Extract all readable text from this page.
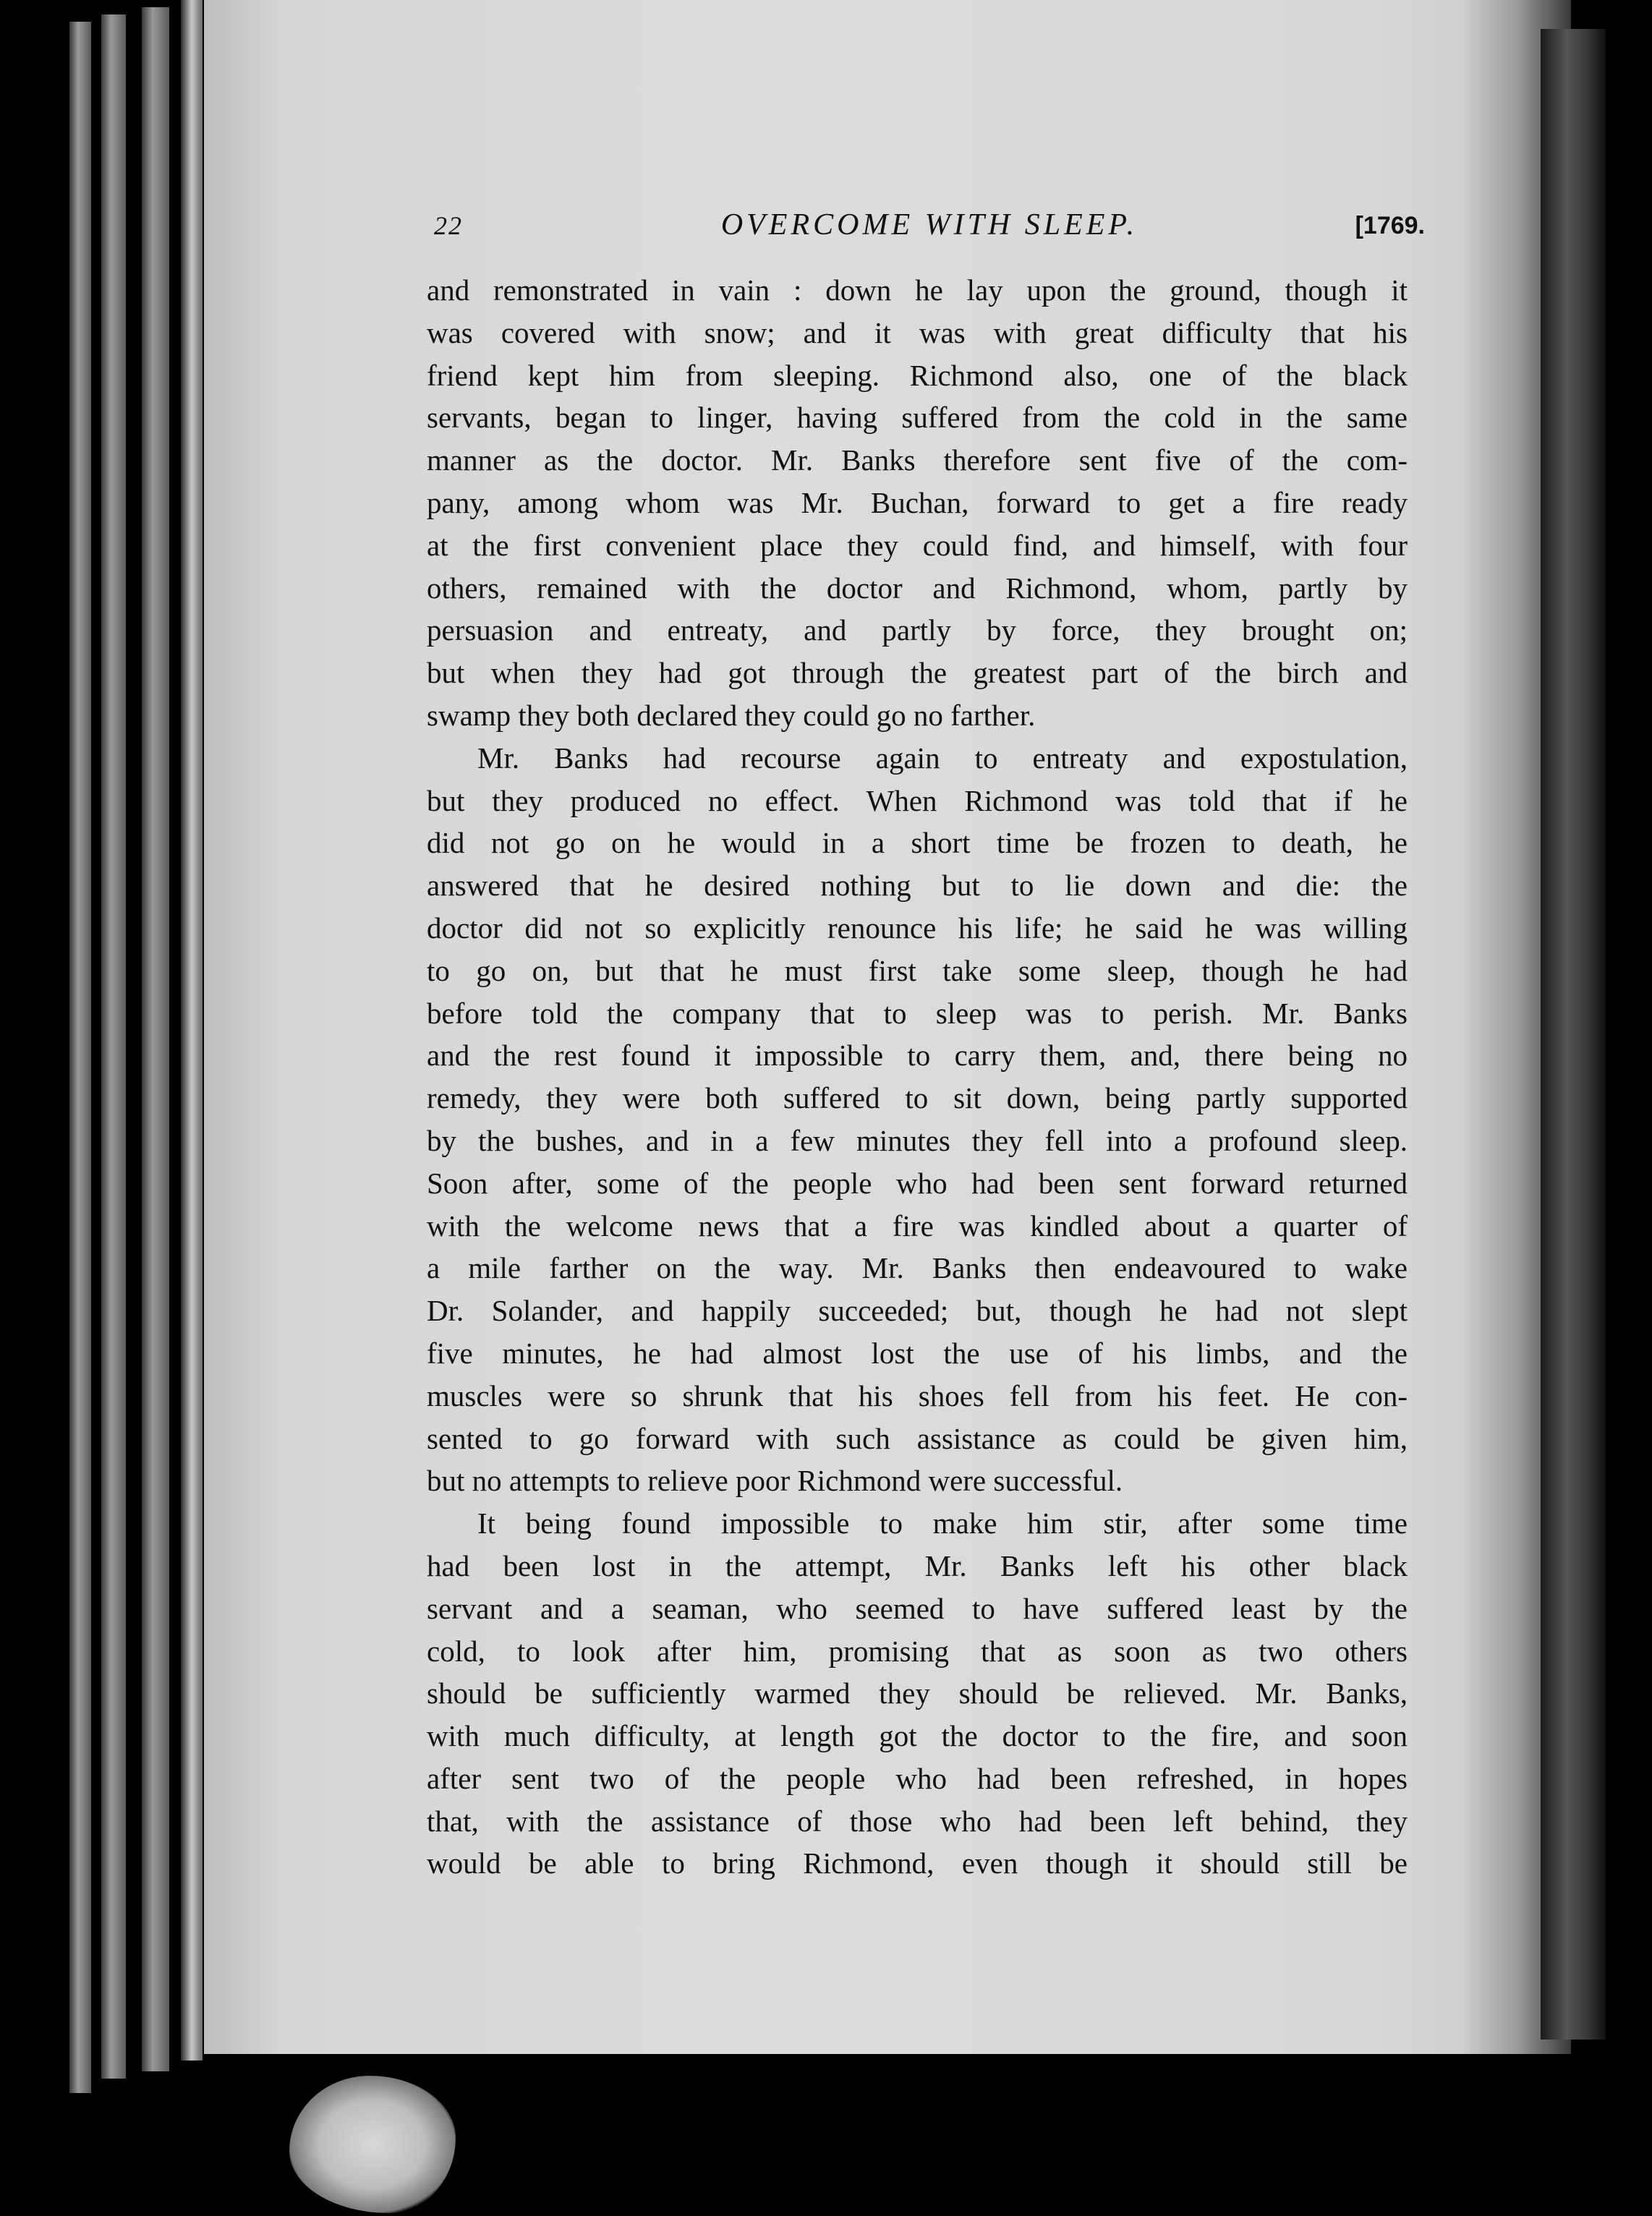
22	OVERCOME WITH SLEEP.	[1769.

and remonstrated in vain : down he lay upon the ground, though it
was covered with snow; and it was with great difficulty that his
friend kept him from sleeping. Richmond also, one of the black
servants, began to linger, having suffered from the cold in the same
manner as the doctor. Mr. Banks therefore sent five of the com-
pany, among whom was Mr. Buchan, forward to get a fire ready
at the first convenient place they could find, and himself, with four
others, remained with the doctor and Richmond, whom, partly by
persuasion and entreaty, and partly by force, they brought on;
but when they had got through the greatest part of the birch and
swamp they both declared they could go no farther.

Mr. Banks had recourse again to entreaty and expostulation,
but they produced no effect. When Richmond was told that if he
did not go on he would in a short time be frozen to death, he
answered that he desired nothing but to lie down and die: the
doctor did not so explicitly renounce his life; he said he was willing
to go on, but that he must first take some sleep, though he had
before told the company that to sleep was to perish. Mr. Banks
and the rest found it impossible to carry them, and, there being no
remedy, they were both suffered to sit down, being partly supported
by the bushes, and in a few minutes they fell into a profound sleep.
Soon after, some of the people who had been sent forward returned
with the welcome news that a fire was kindled about a quarter of
a mile farther on the way. Mr. Banks then endeavoured to wake
Dr. Solander, and happily succeeded; but, though he had not slept
five minutes, he had almost lost the use of his limbs, and the
muscles were so shrunk that his shoes fell from his feet. He con-
sented to go forward with such assistance as could be given him,
but no attempts to relieve poor Richmond were successful.

It being found impossible to make him stir, after some time
had been lost in the attempt, Mr. Banks left his other black
servant and a seaman, who seemed to have suffered least by the
cold, to look after him, promising that as soon as two others
should be sufficiently warmed they should be relieved. Mr. Banks,
with much difficulty, at length got the doctor to the fire, and soon
after sent two of the people who had been refreshed, in hopes
that, with the assistance of those who had been left behind, they
would be able to bring Richmond, even though it should still be
